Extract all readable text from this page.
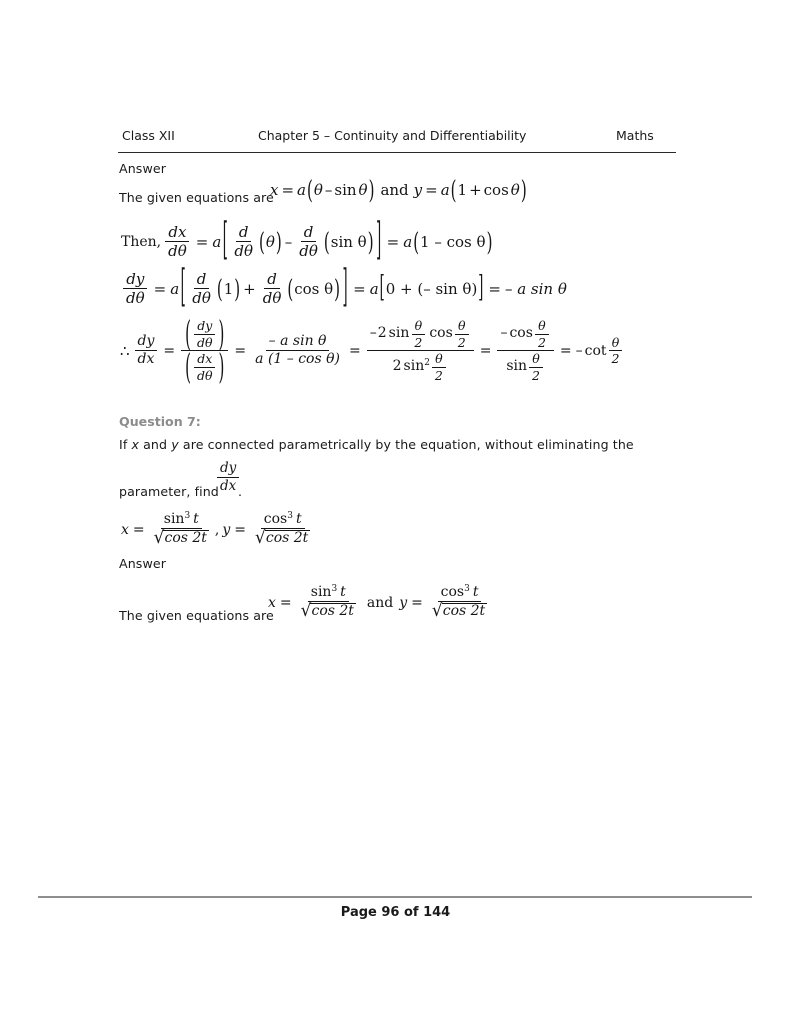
Class XII	Chapter 5 – Continuity and Differentiability	Maths
Answer
The given equations are
x = a ( θ – sin θ ) and y = a ( 1 + cos θ )
Then, $\frac{dx}{d\theta} = a$ [ $\frac{d}{d\theta}$ ( θ ) – $\frac{d}{d\theta}$ ( sin θ ) ] = a ( 1 – cos θ )
$\frac{dy}{d\theta} = a$ [ $\frac{d}{d\theta}$ ( 1 ) + $\frac{d}{d\theta}$ ( cos θ ) ] = a [ 0 + (– sin θ) ] = – a sin θ
∴ $\frac{dy}{dx} = \frac{( \frac{dy}{d\theta} )}{( \frac{dx}{d\theta} )} = \frac{\text{– a sin θ}}{\text{a (1 – cos θ)}}$ =
– 2 $\sin \frac{\theta}{2}$ $\cos \frac{\theta}{2}$
2 $\sin 2 \frac{\theta}{2}$
= $\frac{- \cos \frac{\theta}{2}}{\sin \frac{\theta}{2}}$ = – $\cot \frac{\theta}{2}$
Question 7:
If x and y are connected parametrically by the equation, without eliminating the
parameter, find
$\frac{dy}{dx}$
.
$x = \frac{\sin 3 t}{√ \cos 2t}$ , $y = \frac{\cos 3 t}{√ \cos 2t}$
Answer
The given equations are
$x = \frac{\sin 3 t}{√ \cos 2t}$ and $y = \frac{\cos 3 t}{√ \cos 2t}$
Page 96 of 144
